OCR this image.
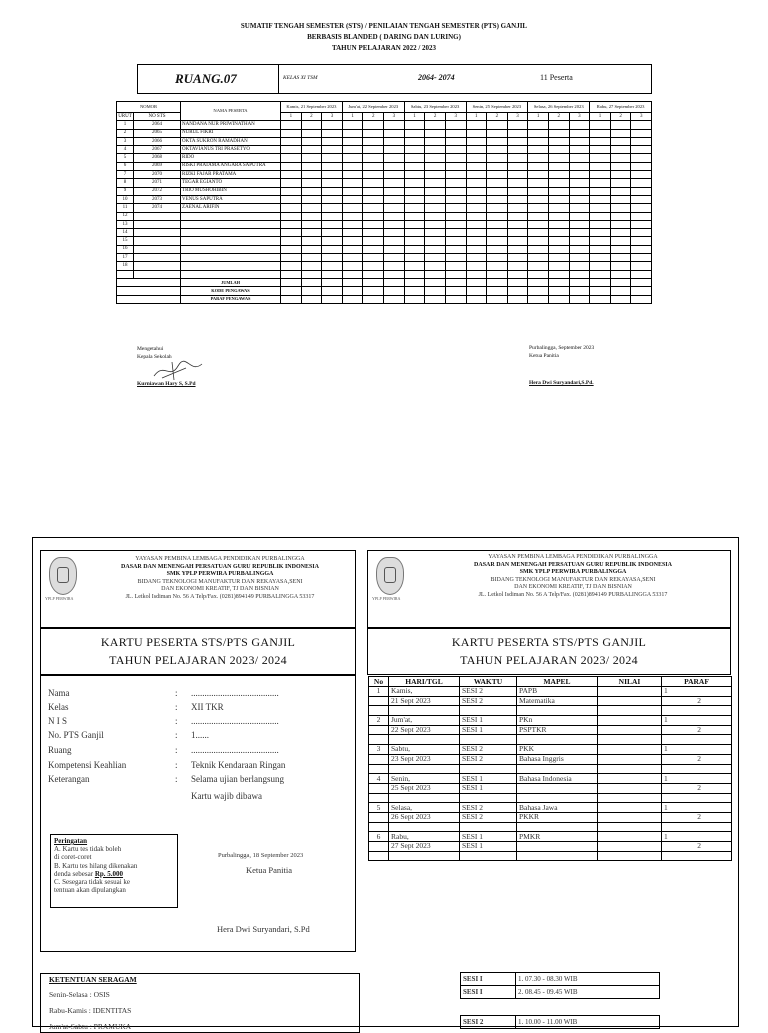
SUMATIF TENGAH SEMESTER (STS) / PENILAIAN TENGAH SEMESTER (PTS) GANJIL
BERBASIS BLANDED ( DARING DAN LURING)
TAHUN PELAJARAN 2022 / 2023
RUANG.07	KELAS XI TSM	2064- 2074	11 Peserta
NOMOR		NAMA PESERTA	Kamis, 21 September 2023			Jum'at, 22 September 2023			Sabtu, 23 September 2023			Senin, 25 September 2023			Selasa, 26 September 2023			Rabu, 27 September 2023		
URUT	NO STS		1	2	3	1	2	3	1	2	3	1	2	3	1	2	3	1	2	3
1	2064	NANDANA NUR PRIWINATHAN																		
2	2065	NURUL FIKRI																		
3	2066	OKTA SUKRON RAMADHAN																		
4	2067	OKTAVIANUS TRI PRASETYO																		
5	2068	RIDO																		
6	2069	RISKI PRATAMA ANGARA SAPUTRA																		
7	2070	RIZKI FAJAR PRATAMA																		
8	2071	TEGAR EGIANTO																		
9	2072	TRIO MUSHOHIBIN																		
10	2073	VENUS SAPUTRA																		
11	2074	ZAENAL ARIFIN																		
12																				
13																				
14																				
15																				
16																				
17																				
18																				

		JUMLAH																		
		KODE PENGAWAS																		
		PARAF PENGAWAS																		
Mengetahui
Kepala Sekolah
Kurniawan Hary S, S.Pd
Purbalingga, September 2023
Ketua Panitia
Hera Dwi Suryandari,S.Pd.
YPLP PERWIRA
YAYASAN PEMBINA LEMBAGA PENDIDIKAN PURBALINGGA
DASAR DAN MENENGAH PERSATUAN GURU REPUBLIK INDONESIA
SMK YPLP PERWIRA PURBALINGGA
BIDANG TEKNOLOGI MANUFAKTUR DAN REKAYASA,SENI
DAN EKONOMI KREATIF, TJ DAN BISNIAN
JL. Letkol Isdiman No. 56 A Telp/Fax. (0281)894149 PURBALINGGA 53317	YPLP PERWIRA
YAYASAN PEMBINA LEMBAGA PENDIDIKAN PURBALINGGA
DASAR DAN MENENGAH PERSATUAN GURU REPUBLIK INDONESIA
SMK YPLP PERWIRA PURBALINGGA
BIDANG TEKNOLOGI MANUFAKTUR DAN REKAYASA,SENI
DAN EKONOMI KREATIF, TJ DAN BISNIAN
JL. Letkol Isdiman No. 56 A Telp/Fax. (0281)894149 PURBALINGGA 53317
KARTU PESERTA STS/PTS GANJIL
TAHUN PELAJARAN 2023/ 2024
KARTU PESERTA STS/PTS GANJIL
TAHUN PELAJARAN 2023/ 2024
Nama	: .......................................
Kelas	: XII TKR
N I S	: .......................................
No. PTS Ganjil	: 1......
Ruang	: .......................................
Kompetensi Keahlian	: Teknik Kendaraan Ringan
Keterangan	: Selama ujian berlangsung
Kartu wajib dibawa
Peringatan
A. Kartu tes tidak boleh
di coret-coret
B. Kartu tes hilang dikenakan
denda sebesar Rp. 5.000
C. Sesegara tidak sesuai ke
tentuan akan dipulangkan
Purbalingga, 18 September 2023
Ketua Panitia
Hera Dwi Suryandari, S.Pd
No	HARI/TGL	WAKTU	MAPEL	NILAI	PARAF
1	Kamis,	SESI 2	PAPB		1
	21 Sept 2023	SESI 2	Matematika		2

2	Jum'at,	SESI 1	PKn		1
	22 Sept 2023	SESI 1	PSPTKR		2

3	Sabtu,	SESI 2	PKK		1
	23 Sept 2023	SESI 2	Bahasa Inggris		2

4	Senin,	SESI 1	Bahasa Indonesia		1
	25 Sept 2023	SESI 1			2

5	Selasa,	SESI 2	Bahasa Jawa		1
	26 Sept 2023	SESI 2	PKKR		2

6	Rabu,	SESI 1	PMKR		1
	27 Sept 2023	SESI 1			2

KETENTUAN SERAGAM
Senin-Selasa : OSIS
Rabu-Kamis : IDENTITAS
Jum'at-Sabtu : PRAMUKA
SESI I	1. 07.30 - 08.30 WIB
SESI I	2. 08.45 - 09.45 WIB

SESI 2	1. 10.00 - 11.00 WIB
